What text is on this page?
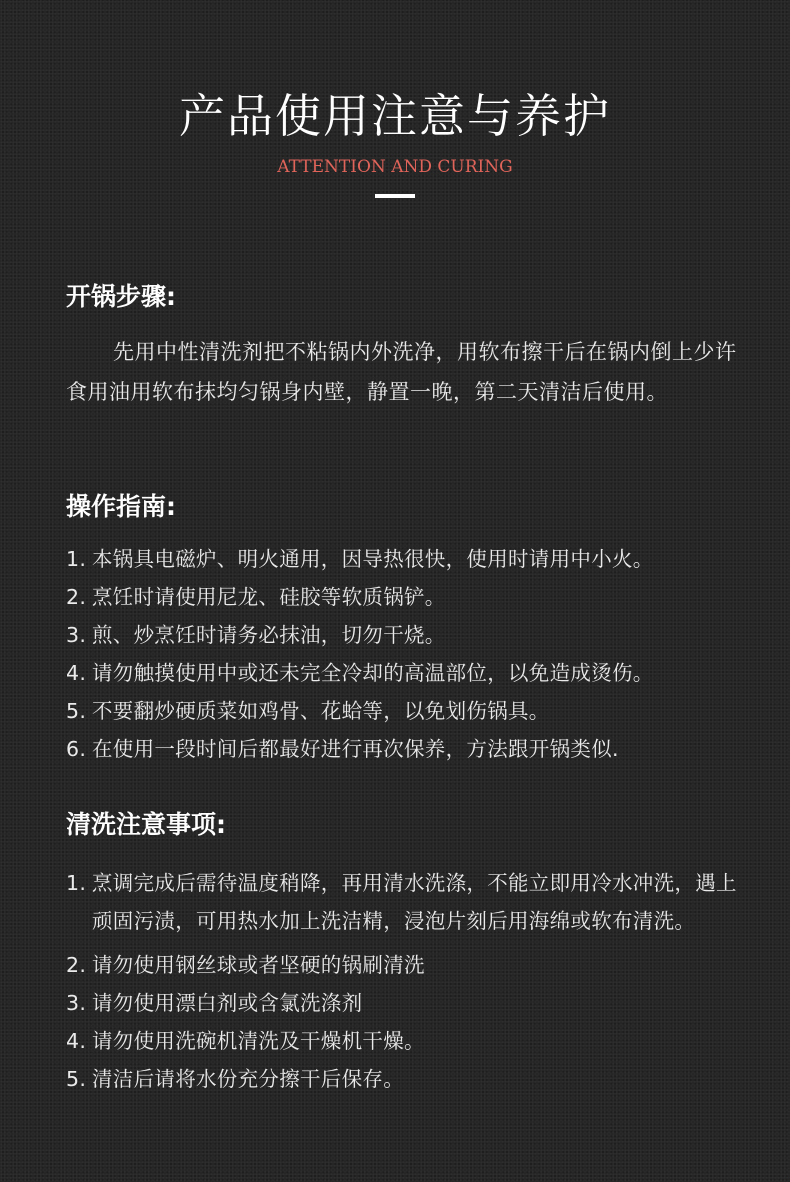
产品使用注意与养护
ATTENTION AND CURING
开锅步骤:
先用中性清洗剂把不粘锅内外洗净，用软布擦干后在锅内倒上少许食用油用软布抹均匀锅身内壁，静置一晚，第二天清洁后使用。
操作指南:
1. 本锅具电磁炉、明火通用，因导热很快，使用时请用中小火。
2. 烹饪时请使用尼龙、硅胶等软质锅铲。
3. 煎、炒烹饪时请务必抹油，切勿干烧。
4. 请勿触摸使用中或还未完全冷却的高温部位，以免造成烫伤。
5. 不要翻炒硬质菜如鸡骨、花蛤等，以免划伤锅具。
6. 在使用一段时间后都最好进行再次保养，方法跟开锅类似.
清洗注意事项:
1. 烹调完成后需待温度稍降，再用清水洗涤，不能立即用冷水冲洗，遇上顽固污渍，可用热水加上洗洁精，浸泡片刻后用海绵或软布清洗。
2. 请勿使用钢丝球或者坚硬的锅刷清洗
3. 请勿使用漂白剂或含氯洗涤剂
4. 请勿使用洗碗机清洗及干燥机干燥。
5. 清洁后请将水份充分擦干后保存。
